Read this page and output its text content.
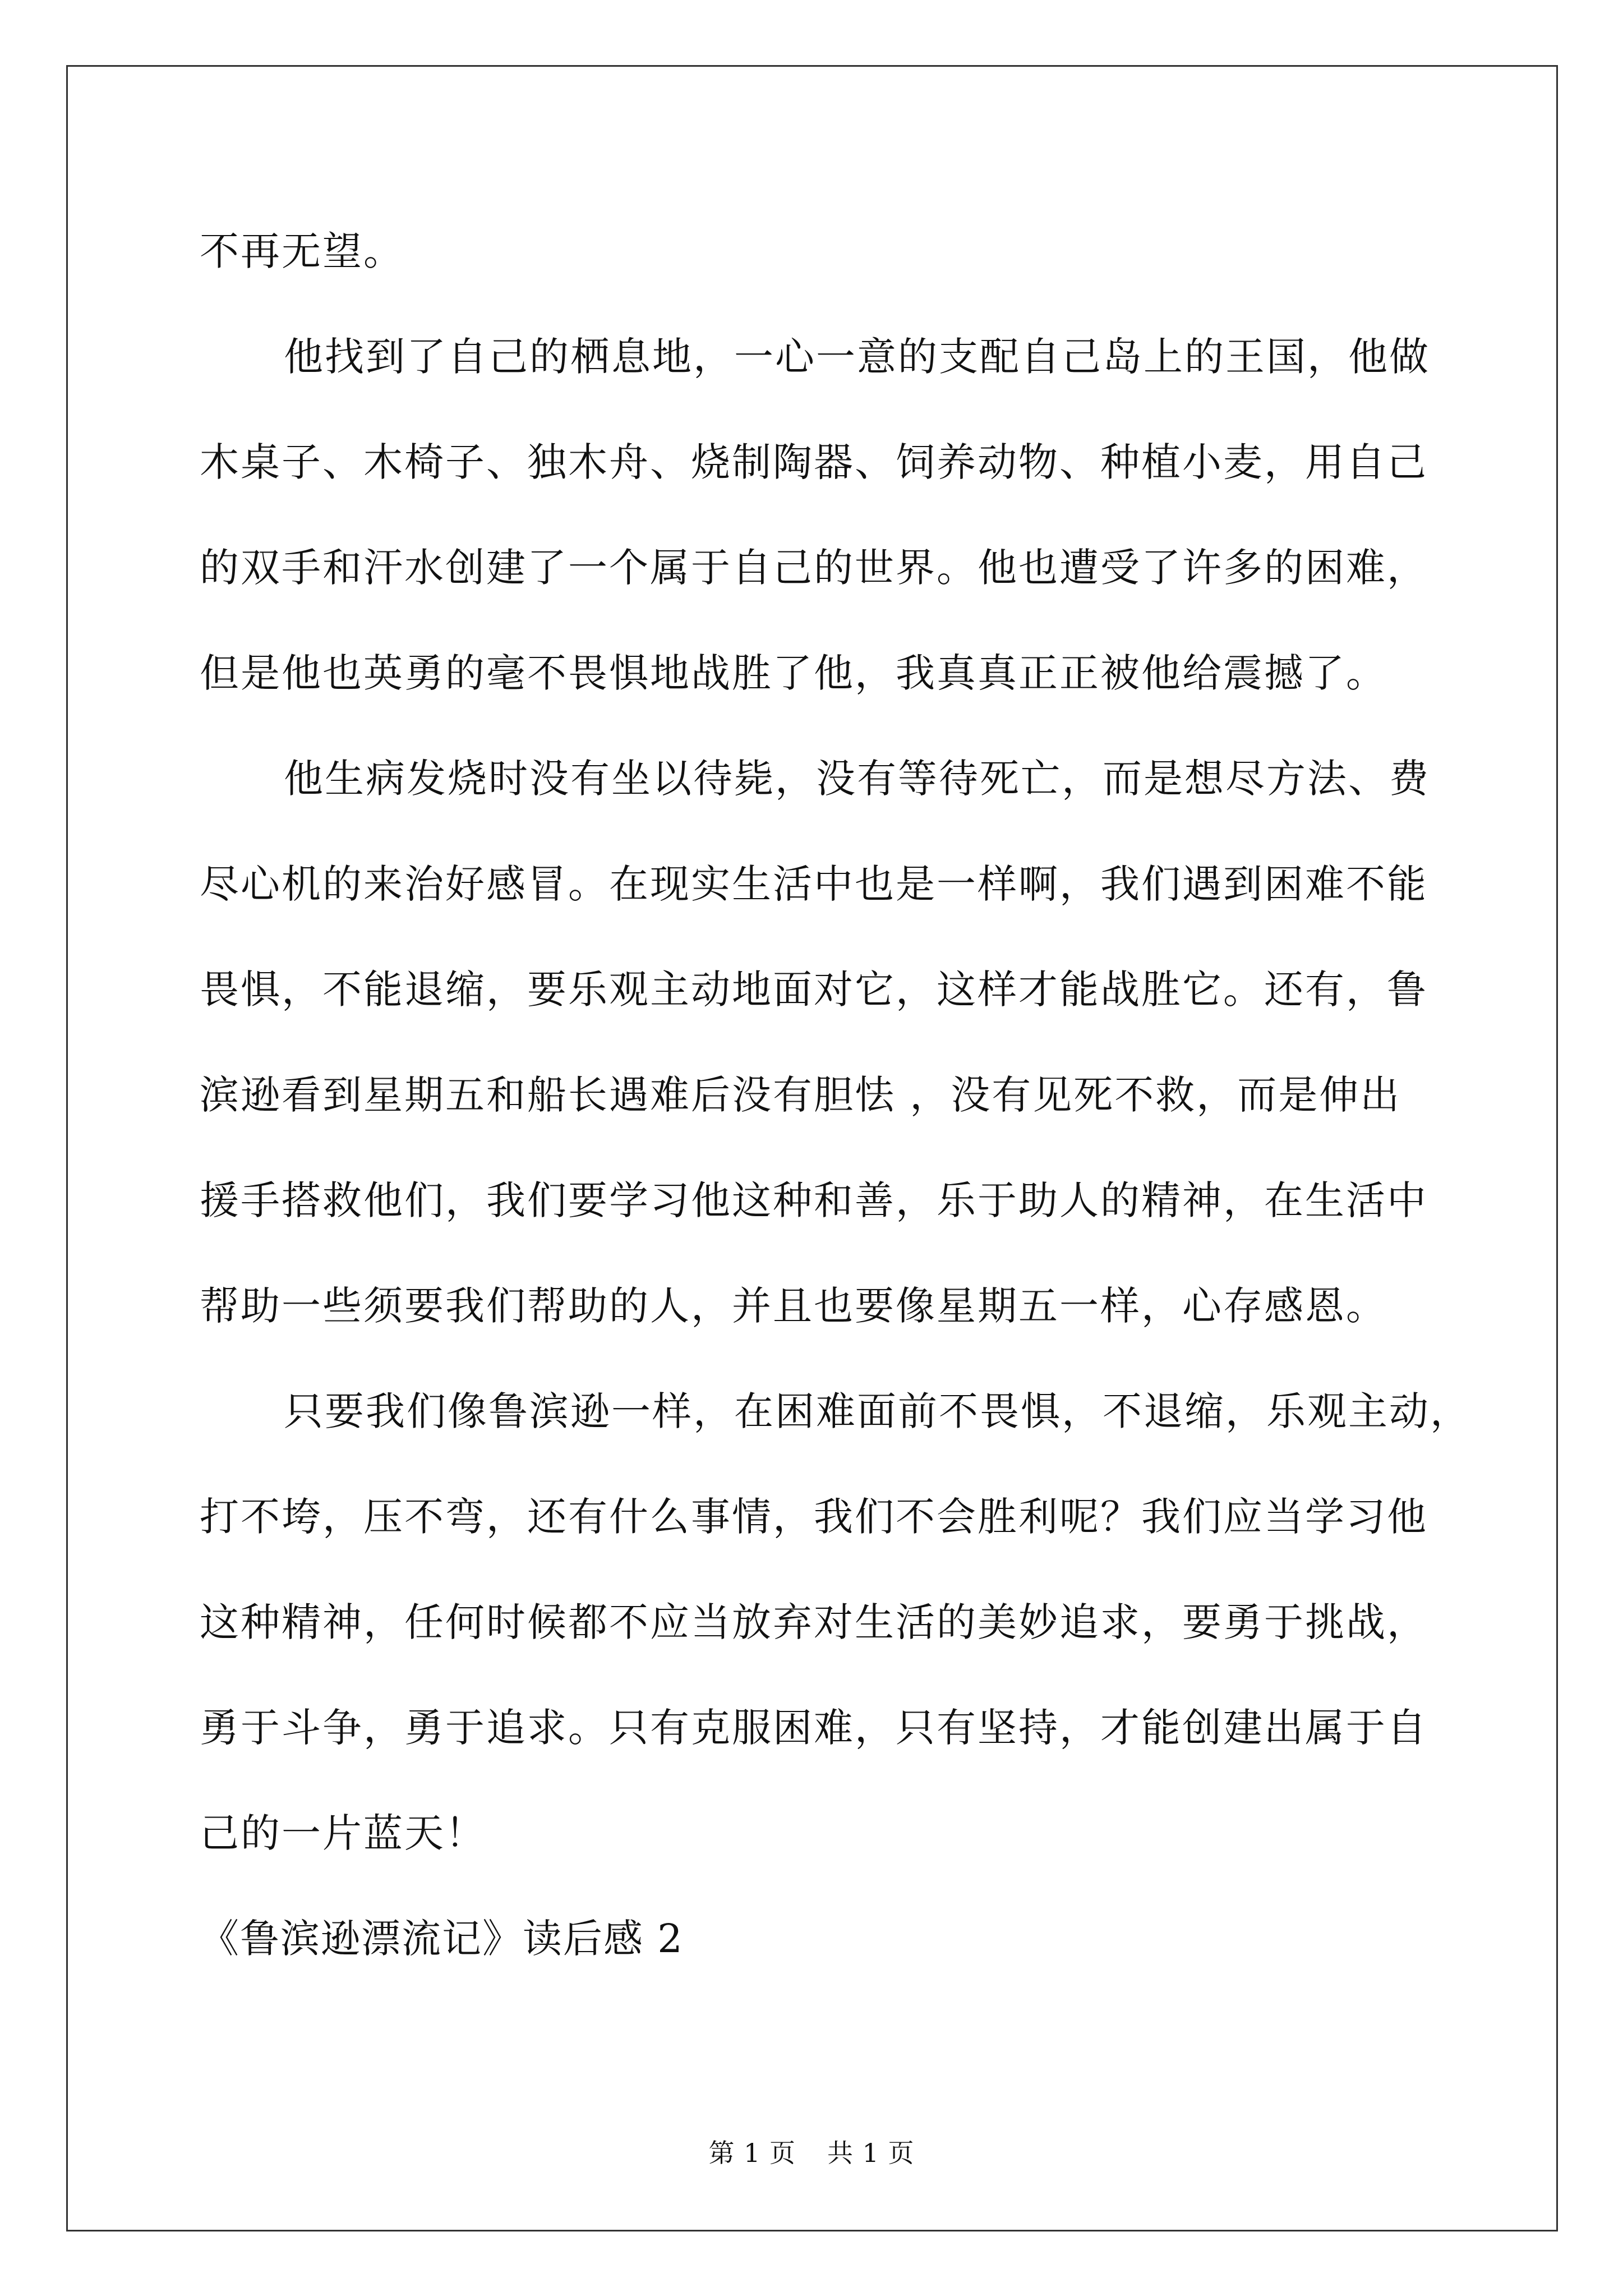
不再无望。
他找到了自己的栖息地，一心一意的支配自己岛上的王国，他做
木桌子、木椅子、独木舟、烧制陶器、饲养动物、种植小麦，用自己
的双手和汗水创建了一个属于自己的世界。他也遭受了许多的困难，
但是他也英勇的毫不畏惧地战胜了他，我真真正正被他给震撼了。
他生病发烧时没有坐以待毙，没有等待死亡，而是想尽方法、费
尽心机的来治好感冒。在现实生活中也是一样啊，我们遇到困难不能
畏惧，不能退缩，要乐观主动地面对它，这样才能战胜它。还有，鲁
滨逊看到星期五和船长遇难后没有胆怯 ，没有见死不救，而是伸出
援手搭救他们，我们要学习他这种和善，乐于助人的精神，在生活中
帮助一些须要我们帮助的人，并且也要像星期五一样，心存感恩。
只要我们像鲁滨逊一样，在困难面前不畏惧，不退缩，乐观主动，
打不垮，压不弯，还有什么事情，我们不会胜利呢？我们应当学习他
这种精神，任何时候都不应当放弃对生活的美妙追求，要勇于挑战，
勇于斗争，勇于追求。只有克服困难，只有坚持，才能创建出属于自
己的一片蓝天！
《鲁滨逊漂流记》读后感 2
第 1 页 共 1 页
